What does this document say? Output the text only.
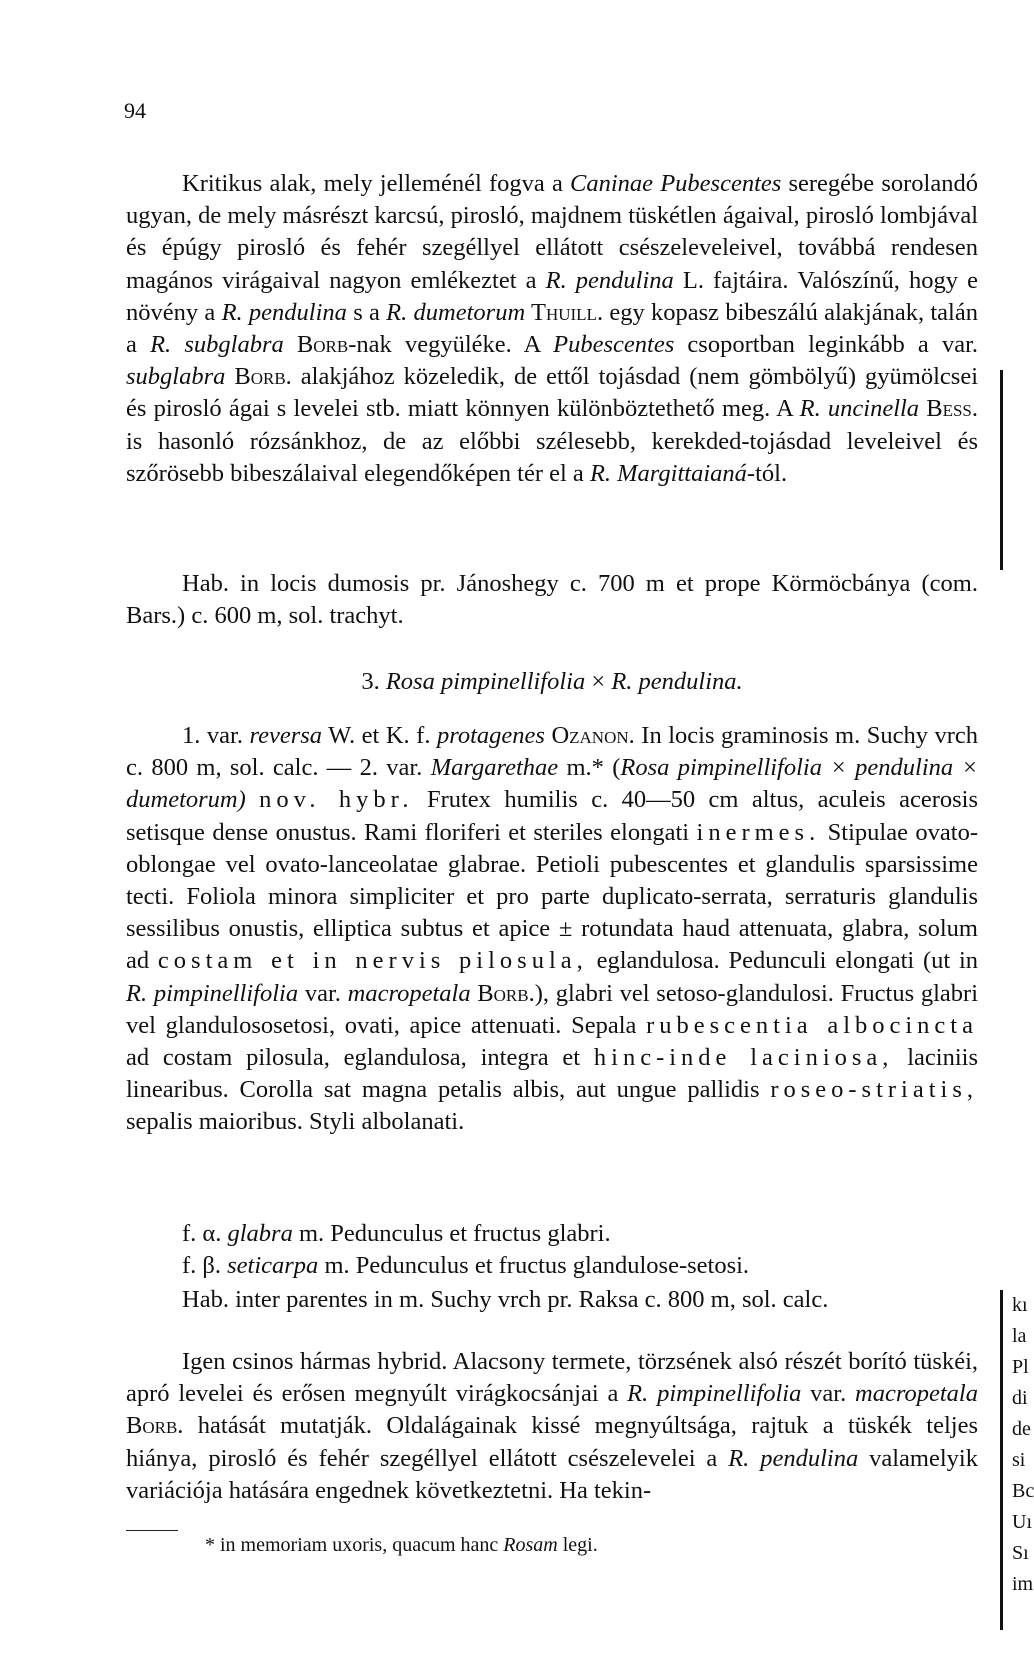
94

Kritikus alak, mely jelleménél fogva a Caninae Pubescentes seregébe sorolandó ugyan, de mely másrészt karcsú, pirosló, majdnem tüskétlen ágaival, pirosló lombjával és épúgy pirosló és fehér szegéllyel ellátott csészeleveleivel, továbbá rendesen magános virágaival nagyon emlékeztet a R. pendulina L. fajtáira. Valószínű, hogy e növény a R. pendulina s a R. dumetorum Thuill. egy kopasz bibeszálú alakjának, talán a R. subglabra Borb-nak vegyüléke. A Pubescentes csoportban leginkább a var. subglabra Borb. alakjához közeledik, de ettől tojásdad (nem gömbölyű) gyümölcsei és pirosló ágai s levelei stb. miatt könnyen különböztethető meg. A R. uncinella Bess. is hasonló rózsánkhoz, de az előbbi szélesebb, kerekded-tojásdad leveleivel és szőrösebb bibeszálaival elegendőképen tér el a R. Margittaianá-tól.

Hab. in locis dumosis pr. Jánoshegy c. 700 m et prope Körmöcbánya (com. Bars.) c. 600 m, sol. trachyt.

3. Rosa pimpinellifolia × R. pendulina.

1. var. reversa W. et K. f. protagenes Ozanon. In locis graminosis m. Suchy vrch c. 800 m, sol. calc. — 2. var. Margarethae m.* (Rosa pimpinellifolia × pendulina × dumetorum) nov. hybr. Frutex humilis c. 40—50 cm altus, aculeis acerosis setisque dense onustus. Rami floriferi et steriles elongati inermes. Stipulae ovato-oblongae vel ovato-lanceolatae glabrae. Petioli pubescentes et glandulis sparsissime tecti. Foliola minora simpliciter et pro parte duplicato-serrata, serraturis glandulis sessilibus onustis, elliptica subtus et apice ± rotundata haud attenuata, glabra, solum ad costam et in nervis pilosula, eglandulosa. Pedunculi elongati (ut in R. pimpinellifolia var. macropetala Borb.), glabri vel setoso-glandulosi. Fructus glabri vel glandulososetosi, ovati, apice attenuati. Sepala rubescentia albocincta ad costam pilosula, eglandulosa, integra et hinc-inde laciniosa, laciniis linearibus. Corolla sat magna petalis albis, aut ungue pallidis roseo-striatis, sepalis maioribus. Styli albolanati.

f. α. glabra m. Pedunculus et fructus glabri.

f. β. seticarpa m. Pedunculus et fructus glandulose-setosi.

Hab. inter parentes in m. Suchy vrch pr. Raksa c. 800 m, sol. calc.

Igen csinos hármas hybrid. Alacsony termete, törzsének alsó részét borító tüskéi, apró levelei és erősen megnyúlt virágkocsánjai a R. pimpinellifolia var. macropetala Borb. hatását mutatják. Oldalágainak kissé megnyúltsága, rajtuk a tüskék teljes hiánya, pirosló és fehér szegéllyel ellátott csészelevelei a R. pendulina valamelyik variációja hatására engednek következtetni. Ha tekin-

* in memoriam uxoris, quacum hanc Rosam legi.
kı
la
Pl
di
de
si
Bc
Uı
Sı
im
